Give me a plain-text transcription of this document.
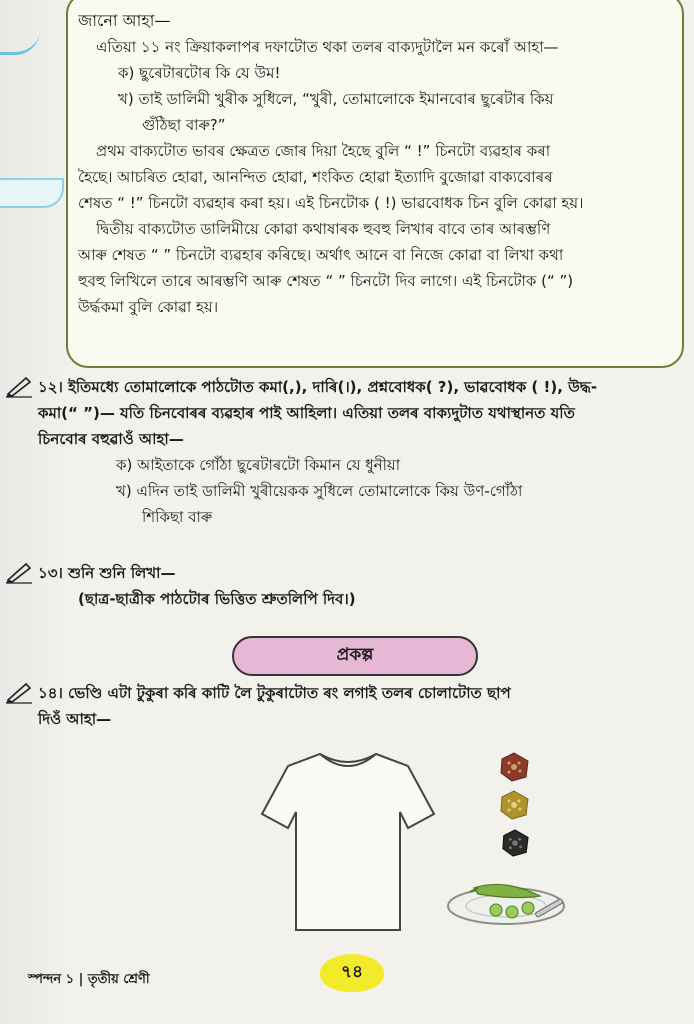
জানো আহা—
এতিয়া ১১ নং ক্ৰিয়াকলাপৰ দফাটোত থকা তলৰ বাক্যদুটালৈ মন কৰোঁ আহা—
ক) ছুৰেটাৰটোৰ কি যে উম!
খ) তাই ডালিমী খুৰীক সুধিলে, “খুৰী, তোমালোকে ইমানবোৰ ছুৰেটাৰ কিয়
গুঁঠিছা বাৰু?”
প্ৰথম বাক্যটোত ভাবৰ ক্ষেত্ৰত জোৰ দিয়া হৈছে বুলি “ !” চিনটো ব্যৱহাৰ কৰা
হৈছে। আচৰিত হোৱা, আনন্দিত হোৱা, শংকিত হোৱা ইত্যাদি বুজোৱা বাক্যবোৰৰ
শেষত “ !” চিনটো ব্যৱহাৰ কৰা হয়। এই চিনটোক ( !) ভাৱবোধক চিন বুলি কোৱা হয়।
দ্বিতীয় বাক্যটোত ডালিমীয়ে কোৱা কথাষাৰক হুবহু লিখাৰ বাবে তাৰ আৰম্ভণি
আৰু শেষত “ ” চিনটো ব্যৱহাৰ কৰিছে। অৰ্থাৎ আনে বা নিজে কোৱা বা লিখা কথা
হুবহু লিখিলে তাৰে আৰম্ভণি আৰু শেষত “ ” চিনটো দিব লাগে। এই চিনটোক (“ ”)
উৰ্দ্ধকমা বুলি কোৱা হয়।
১২। ইতিমধ্যে তোমালোকে পাঠটোত কমা(,), দাৰি(।), প্ৰশ্নবোধক( ?), ভাৱবোধক ( !), উদ্ধ-
কমা(“ ”)— যতি চিনবোৰৰ ব্যৱহাৰ পাই আহিলা। এতিয়া তলৰ বাক্যদুটাত যথাস্থানত যতি
চিনবোৰ বহুৱাওঁ আহা—
ক) আইতাকে গোঁঠা ছুৰেটাৰটো কিমান যে ধুনীয়া
খ) এদিন তাই ডালিমী খুৰীয়েকক সুধিলে তোমালোকে কিয় উণ-গোঁঠা
শিকিছা বাৰু
১৩। শুনি শুনি লিখা—
(ছাত্ৰ-ছাত্ৰীক পাঠটোৰ ভিত্তিত শ্ৰুতলিপি দিব।)
প্ৰকল্প
১৪। ভেণ্ডি এটা টুকুৰা কৰি কাটি লৈ টুকুৰাটোত ৰং লগাই তলৰ চোলাটোত ছাপ
দিওঁ আহা—
স্পন্দন ১ | তৃতীয় শ্ৰেণী	৭৪
